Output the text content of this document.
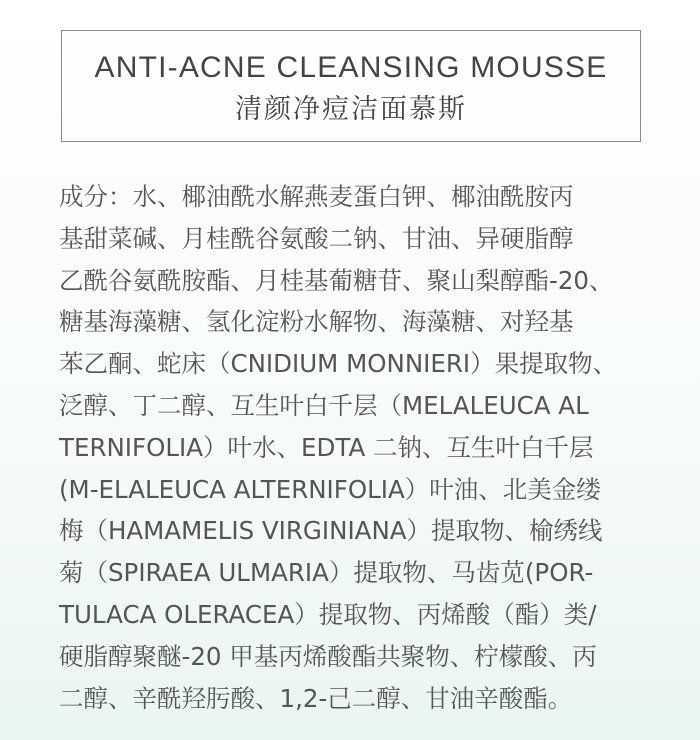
ANTI-ACNE CLEANSING MOUSSE
清颜净痘洁面慕斯
成分：水、椰油酰水解燕麦蛋白钾、椰油酰胺丙
基甜菜碱、月桂酰谷氨酸二钠、甘油、异硬脂醇
乙酰谷氨酰胺酯、月桂基葡糖苷、聚山梨醇酯-20、
糖基海藻糖、氢化淀粉水解物、海藻糖、对羟基
苯乙酮、蛇床（CNIDIUM MONNIERI）果提取物、
泛醇、丁二醇、互生叶白千层（MELALEUCA AL
TERNIFOLIA）叶水、EDTA 二钠、互生叶白千层
(M-ELALEUCA ALTERNIFOLIA）叶油、北美金缕
梅（HAMAMELIS VIRGINIANA）提取物、榆绣线
菊（SPIRAEA ULMARIA）提取物、马齿苋(POR-
TULACA OLERACEA）提取物、丙烯酸（酯）类/
硬脂醇聚醚-20 甲基丙烯酸酯共聚物、柠檬酸、丙
二醇、辛酰羟肟酸、1,2-己二醇、甘油辛酸酯。
